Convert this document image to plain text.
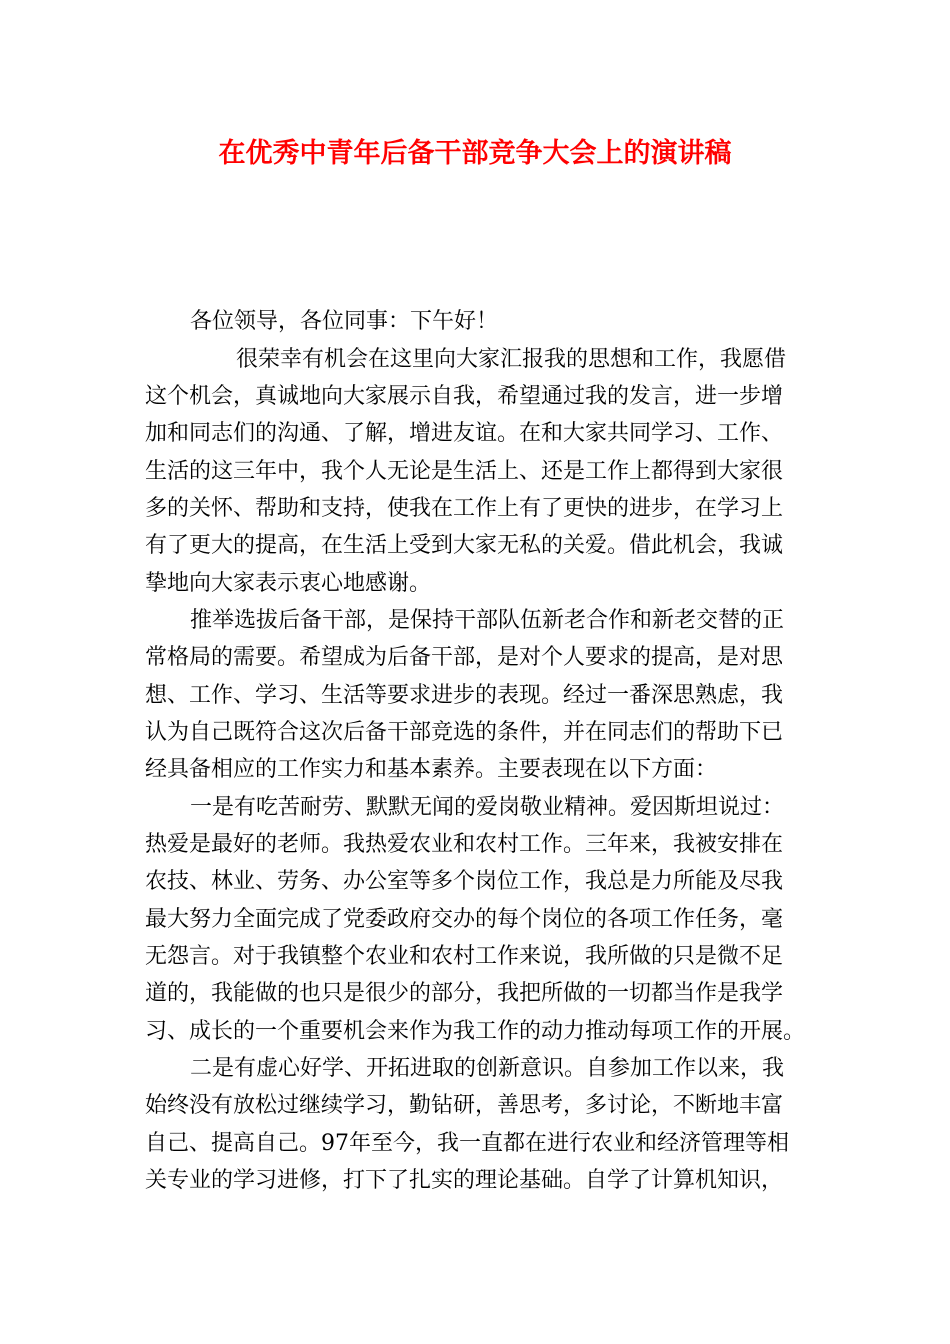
在优秀中青年后备干部竞争大会上的演讲稿
各位领导，各位同事：下午好！
很荣幸有机会在这里向大家汇报我的思想和工作，我愿借
这个机会，真诚地向大家展示自我，希望通过我的发言，进一步增
加和同志们的沟通、了解，增进友谊。在和大家共同学习、工作、
生活的这三年中，我个人无论是生活上、还是工作上都得到大家很
多的关怀、帮助和支持，使我在工作上有了更快的进步，在学习上
有了更大的提高，在生活上受到大家无私的关爱。借此机会，我诚
挚地向大家表示衷心地感谢。
推举选拔后备干部，是保持干部队伍新老合作和新老交替的正
常格局的需要。希望成为后备干部，是对个人要求的提高，是对思
想、工作、学习、生活等要求进步的表现。经过一番深思熟虑，我
认为自己既符合这次后备干部竞选的条件，并在同志们的帮助下已
经具备相应的工作实力和基本素养。主要表现在以下方面：
一是有吃苦耐劳、默默无闻的爱岗敬业精神。爱因斯坦说过：
热爱是最好的老师。我热爱农业和农村工作。三年来，我被安排在
农技、林业、劳务、办公室等多个岗位工作，我总是力所能及尽我
最大努力全面完成了党委政府交办的每个岗位的各项工作任务，毫
无怨言。对于我镇整个农业和农村工作来说，我所做的只是微不足
道的，我能做的也只是很少的部分，我把所做的一切都当作是我学
习、成长的一个重要机会来作为我工作的动力推动每项工作的开展。
二是有虚心好学、开拓进取的创新意识。自参加工作以来，我
始终没有放松过继续学习，勤钻研，善思考，多讨论，不断地丰富
自己、提高自己。97年至今，我一直都在进行农业和经济管理等相
关专业的学习进修，打下了扎实的理论基础。自学了计算机知识，
